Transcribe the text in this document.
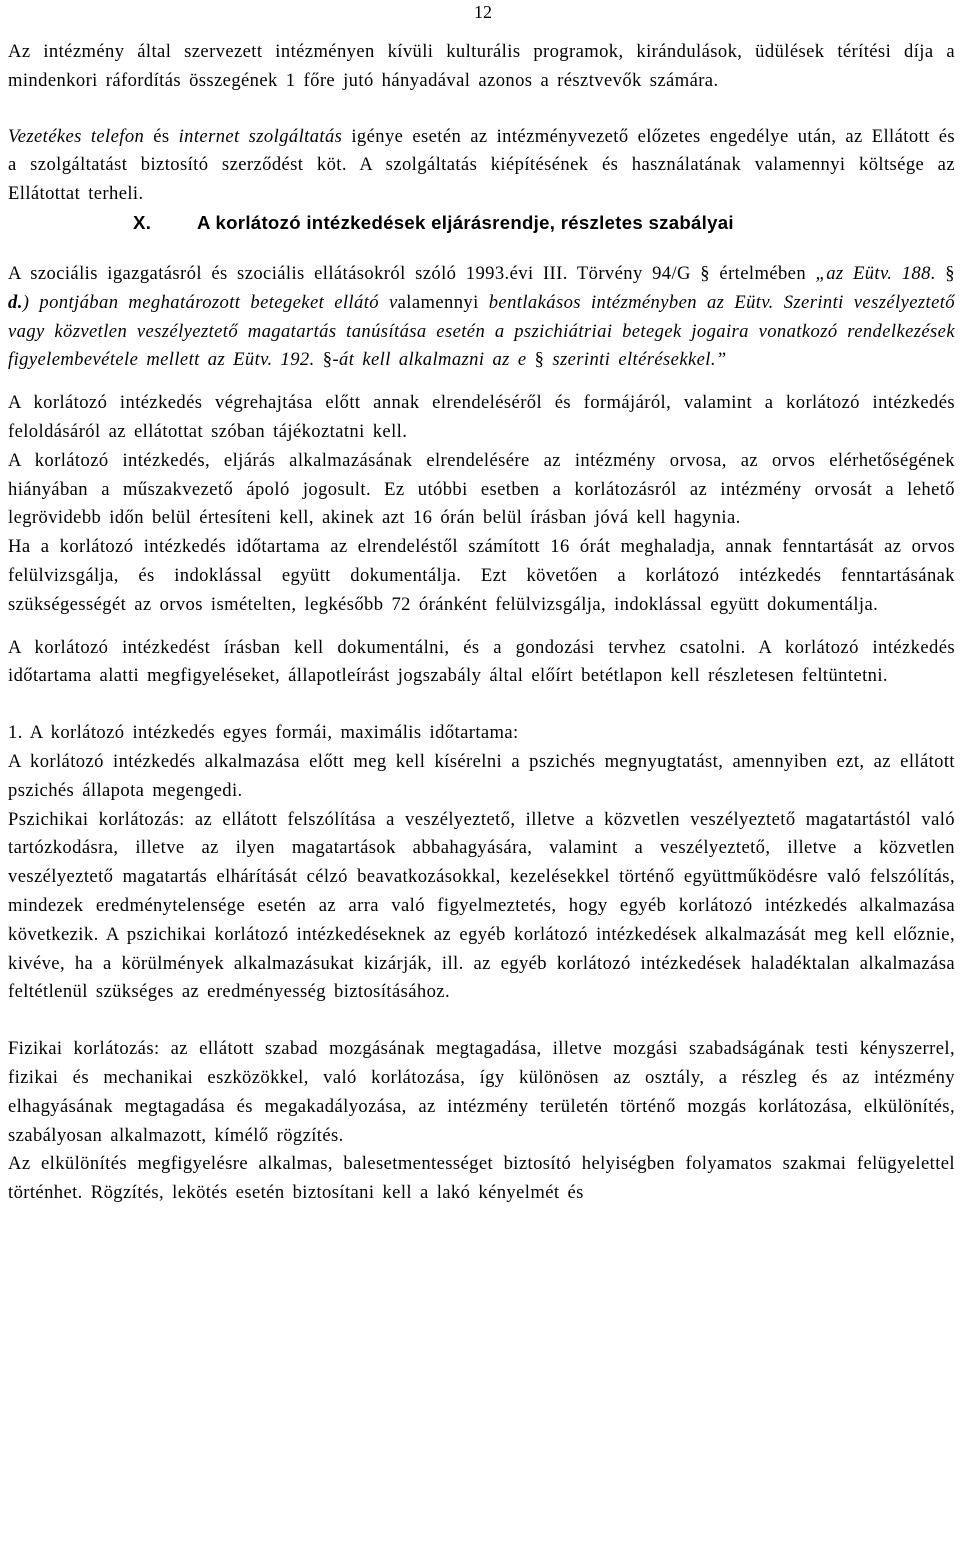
12

Az intézmény által szervezett intézményen kívüli kulturális programok, kirándulások, üdülések térítési díja a mindenkori ráfordítás összegének 1 főre jutó hányadával azonos a résztvevők számára.

Vezetékes telefon és internet szolgáltatás igénye esetén az intézményvezető előzetes engedélye után, az Ellátott és a szolgáltatást biztosító szerződést köt. A szolgáltatás kiépítésének és használatának valamennyi költsége az Ellátottat terheli.

X.	A korlátozó intézkedések eljárásrendje, részletes szabályai

A szociális igazgatásról és szociális ellátásokról szóló 1993.évi III. Törvény 94/G § értelmében „az Eütv. 188. § d.) pontjában meghatározott betegeket ellátó valamennyi bentlakásos intézményben az Eütv. Szerinti veszélyeztető vagy közvetlen veszélyeztető magatartás tanúsítása esetén a pszichiátriai betegek jogaira vonatkozó rendelkezések figyelembevétele mellett az Eütv. 192. §-át kell alkalmazni az e § szerinti eltérésekkel.”

A korlátozó intézkedés végrehajtása előtt annak elrendeléséről és formájáról, valamint a korlátozó intézkedés feloldásáról az ellátottat szóban tájékoztatni kell.

A korlátozó intézkedés, eljárás alkalmazásának elrendelésére az intézmény orvosa, az orvos elérhetőségének hiányában a műszakvezető ápoló jogosult. Ez utóbbi esetben a korlátozásról az intézmény orvosát a lehető legrövidebb időn belül értesíteni kell, akinek azt 16 órán belül írásban jóvá kell hagynia.

Ha a korlátozó intézkedés időtartama az elrendeléstől számított 16 órát meghaladja, annak fenntartását az orvos felülvizsgálja, és indoklással együtt dokumentálja. Ezt követően a korlátozó intézkedés fenntartásának szükségességét az orvos ismételten, legkésőbb 72 óránként felülvizsgálja, indoklással együtt dokumentálja.

A korlátozó intézkedést írásban kell dokumentálni, és a gondozási tervhez csatolni. A korlátozó intézkedés időtartama alatti megfigyeléseket, állapotleírást jogszabály által előírt betétlapon kell részletesen feltüntetni.

1. A korlátozó intézkedés egyes formái, maximális időtartama:

A korlátozó intézkedés alkalmazása előtt meg kell kísérelni a pszichés megnyugtatást, amennyiben ezt, az ellátott pszichés állapota megengedi.

Pszichikai korlátozás: az ellátott felszólítása a veszélyeztető, illetve a közvetlen veszélyeztető magatartástól való tartózkodásra, illetve az ilyen magatartások abbahagyására, valamint a veszélyeztető, illetve a közvetlen veszélyeztető magatartás elhárítását célzó beavatkozásokkal, kezelésekkel történő együttműködésre való felszólítás, mindezek eredménytelensége esetén az arra való figyelmeztetés, hogy egyéb korlátozó intézkedés alkalmazása következik. A pszichikai korlátozó intézkedéseknek az egyéb korlátozó intézkedések alkalmazását meg kell előznie, kivéve, ha a körülmények alkalmazásukat kizárják, ill. az egyéb korlátozó intézkedések haladéktalan alkalmazása feltétlenül szükséges az eredményesség biztosításához.

Fizikai korlátozás: az ellátott szabad mozgásának megtagadása, illetve mozgási szabadságának testi kényszerrel, fizikai és mechanikai eszközökkel, való korlátozása, így különösen az osztály, a részleg és az intézmény elhagyásának megtagadása és megakadályozása, az intézmény területén történő mozgás korlátozása, elkülönítés, szabályosan alkalmazott, kímélő rögzítés.

Az elkülönítés megfigyelésre alkalmas, balesetmentességet biztosító helyiségben folyamatos szakmai felügyelettel történhet. Rögzítés, lekötés esetén biztosítani kell a lakó kényelmét és
